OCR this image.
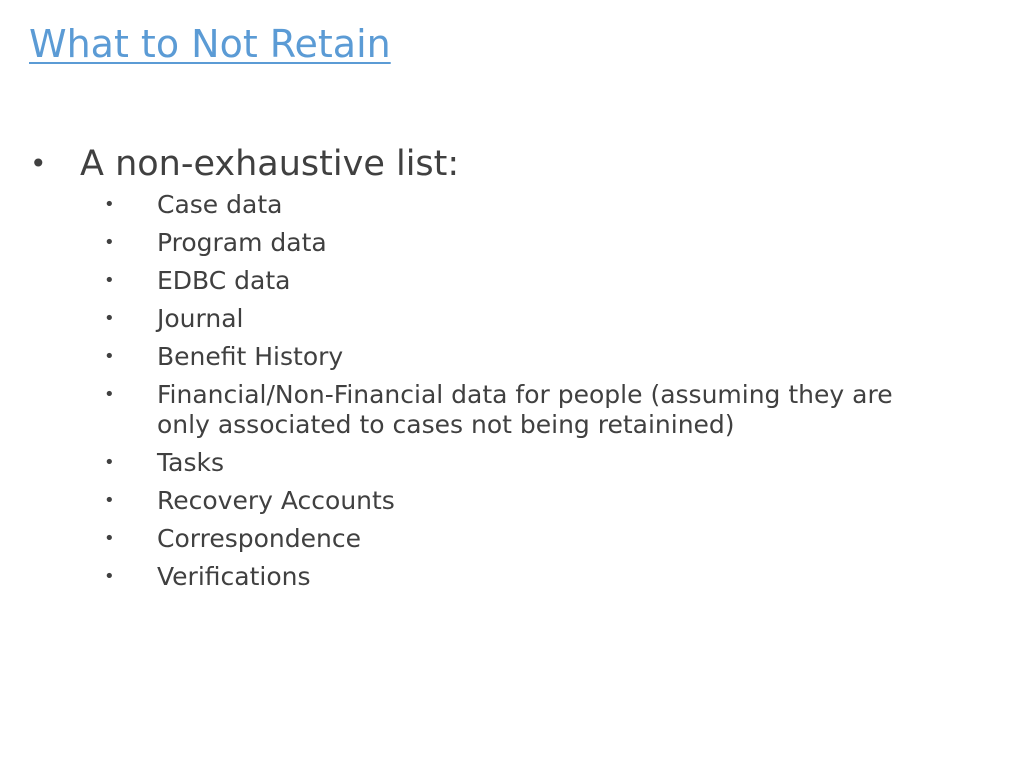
What to Not Retain
• A non-exhaustive list:
• Case data
• Program data
• EDBC data
• Journal
• Benefit History
• Financial/Non-Financial data for people (assuming they are only associated to cases not being retainined)
• Tasks
• Recovery Accounts
• Correspondence
• Verifications
